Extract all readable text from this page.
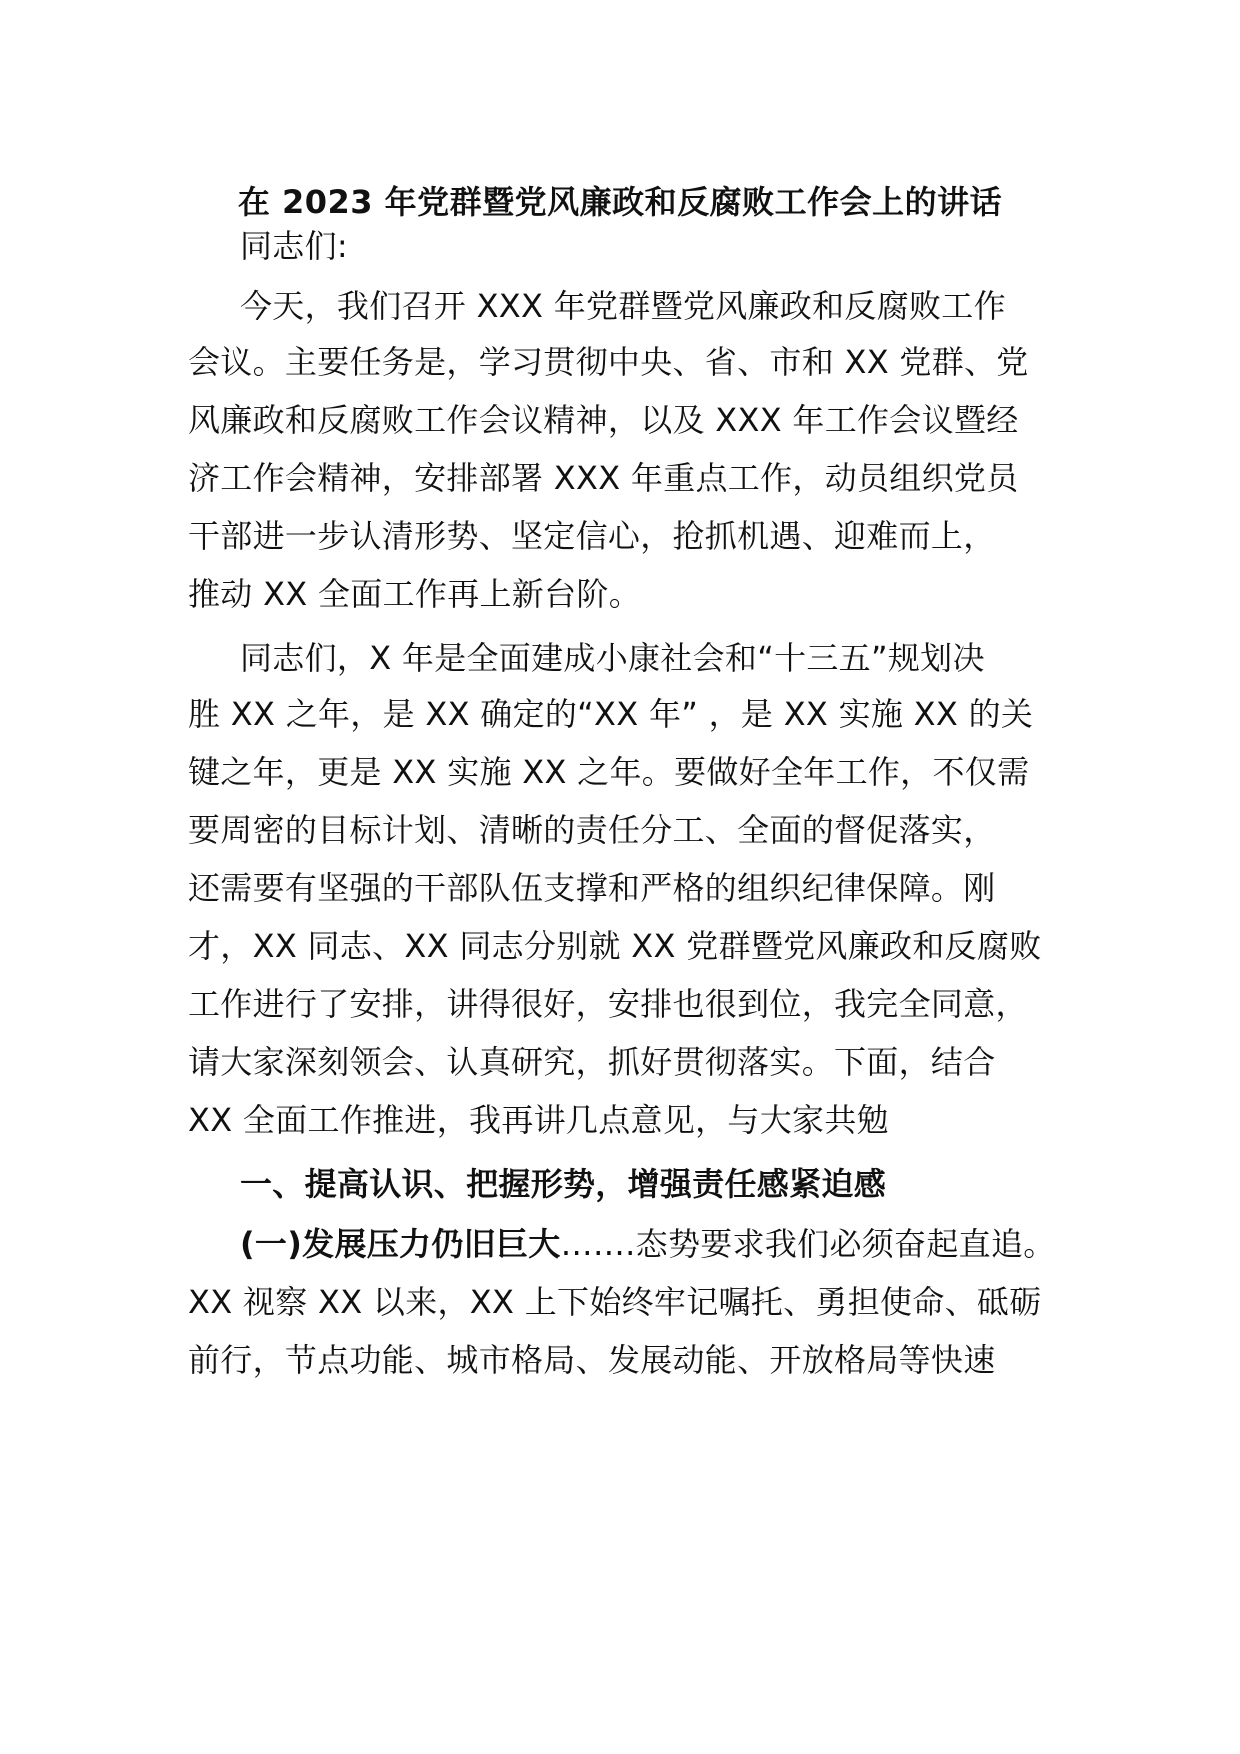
在 2023 年党群暨党风廉政和反腐败工作会上的讲话
同志们:
今天，我们召开 XXX 年党群暨党风廉政和反腐败工作
会议。主要任务是，学习贯彻中央、省、市和 XX 党群、党
风廉政和反腐败工作会议精神，以及 XXX 年工作会议暨经
济工作会精神，安排部署 XXX 年重点工作，动员组织党员
干部进一步认清形势、坚定信心，抢抓机遇、迎难而上，
推动 XX 全面工作再上新台阶。
同志们，X 年是全面建成小康社会和“十三五”规划决
胜 XX 之年，是 XX 确定的“XX 年” ，是 XX 实施 XX 的关
键之年，更是 XX 实施 XX 之年。要做好全年工作，不仅需
要周密的目标计划、清晰的责任分工、全面的督促落实，
还需要有坚强的干部队伍支撑和严格的组织纪律保障。刚
才，XX 同志、XX 同志分别就 XX 党群暨党风廉政和反腐败
工作进行了安排，讲得很好，安排也很到位，我完全同意，
请大家深刻领会、认真研究，抓好贯彻落实。下面，结合
XX 全面工作推进，我再讲几点意见，与大家共勉
一、提高认识、把握形势，增强责任感紧迫感
(一)发展压力仍旧巨大…….态势要求我们必须奋起直追。
XX 视察 XX 以来，XX 上下始终牢记嘱托、勇担使命、砥砺
前行，节点功能、城市格局、发展动能、开放格局等快速
